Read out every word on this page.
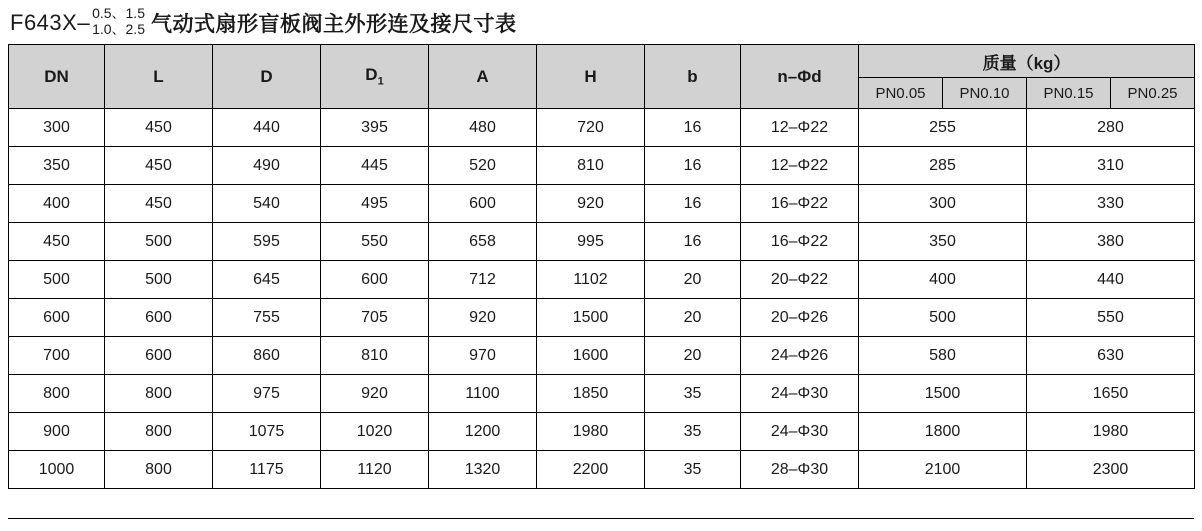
F643X– 0.5、1.5
1.0、2.5 气动式扇形盲板阀主外形连及接尺寸表
DN	L	D	$D_1$	A	H	b	n–Φd	质量（kg）			
								PN0.05	PN0.10	PN0.15	PN0.25
300	450	440	395	480	720	16	12–Φ22	255		280	
350	450	490	445	520	810	16	12–Φ22	285		310	
400	450	540	495	600	920	16	16–Φ22	300		330	
450	500	595	550	658	995	16	16–Φ22	350		380	
500	500	645	600	712	1102	20	20–Φ22	400		440	
600	600	755	705	920	1500	20	20–Φ26	500		550	
700	600	860	810	970	1600	20	24–Φ26	580		630	
800	800	975	920	1100	1850	35	24–Φ30	1500		1650	
900	800	1075	1020	1200	1980	35	24–Φ30	1800		1980	
1000	800	1175	1120	1320	2200	35	28–Φ30	2100		2300	
